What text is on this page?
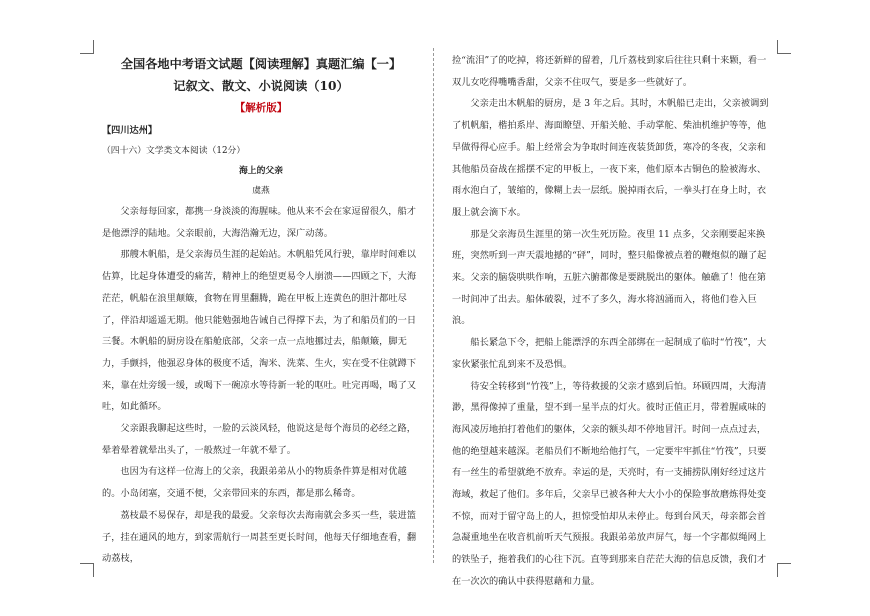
全国各地中考语文试题【阅读理解】真题汇编【一】
记叙文、散文、小说阅读（10）
【解析版】
【四川达州】
（四十六）文学类文本阅读（12分）
海上的父亲
虞燕

父亲每每回家，都携一身淡淡的海腥味。他从来不会在家逗留很久，船才是他漂浮的陆地。父亲眼前，大海浩瀚无边，深广动荡。

那艘木帆船，是父亲海员生涯的起始站。木帆船凭风行驶，靠岸时间难以估算，比起身体遭受的痛苦，精神上的绝望更易令人崩溃——四顾之下，大海茫茫，帆船在浪里颠簸，食物在胃里翻腾，跪在甲板上连黄色的胆汁都吐尽了，伴沿却遥遥无期。他只能勉强地告诫自己得撑下去，为了和船员们的一日三餐。木帆船的厨房设在船舱底部，父亲一点一点地挪过去，船颠簸，脚无力，手颤抖，他强忍身体的极度不适，淘米、洗菜、生火，实在受不住就蹲下来，靠在灶旁缓一缓，或喝下一碗凉水等待新一轮的呕吐。吐完再喝，喝了又吐，如此循环。

父亲跟我聊起这些时，一脸的云淡风轻，他说这是每个海员的必经之路，晕着晕着就晕出头了，一般熬过一年就不晕了。

也因为有这样一位海上的父亲，我跟弟弟从小的物质条件算是相对优越的。小岛闭塞，交通不便，父亲带回来的东西，都是那么稀奇。

荔枝最不易保存，却是我的最爱。父亲每次去海南就会多买一些，装进篮子，挂在通风的地方，到家需航行一周甚至更长时间，他每天仔细地查看，翻动荔枝，

捡“流泪”了的吃掉，将还新鲜的留着，几斤荔枝到家后往往只剩十来颗，看一双儿女吃得嘴嘴香甜，父亲不住叹气，要是多一些就好了。

父亲走出木帆船的厨房，是 3 年之后。其时，木帆船已走出，父亲被调到了机帆船，楷拍系岸、海面瞭望、开船关舱、手动掌舵、柴油机维护等等，他早做得得心应手。船上经常会为争取时间连夜装货卸货，寒冷的冬夜，父亲和其他船员奋战在摇摆不定的甲板上，一夜下来，他们原本古铜色的脸被海水、雨水泡白了，皱缩的，像糊上去一层纸。脱掉雨衣后，一拳头打在身上时，衣服上就会滴下水。

那是父亲海员生涯里的第一次生死历险。夜里 11 点多，父亲刚要起来换班，突然听到一声天震地撼的“砰”，同时，整只船像被点着的鞭炮似的蹦了起来。父亲的脑袋哄哄作响，五脏六腑都像是要跳脱出的躯体。触礁了！他在第一时间冲了出去。船体破裂，过不了多久，海水将汹涌而入，将他们卷入巨浪。

船长紧急下令，把船上能漂浮的东西全部绑在一起制成了临时“竹筏”，大家伙紧张忙乱到来不及恐惧。

待安全转移到“竹筏”上，等待救援的父亲才感到后怕。环顾四周，大海清渺，黑得像掉了重量，望不到一星半点的灯火。彼时正值正月，带着腥咸味的海风凌厉地拍打着他们的躯体，父亲的额头却不停地冒汗。时间一点点过去，他的绝望越来越深。老船员们不断地给他打气，一定要牢牢抓住“竹筏”，只要有一丝生的希望就绝不放弃。幸运的是，天亮时，有一支捕捞队刚好经过这片海域，救起了他们。多年后，父亲早已被各种大大小小的保险事故磨炼得处变不惊，而对于留守岛上的人，担惊受怕却从未停止。每到台风天，母亲都会首急凝重地坐在收音机前听天气预报。我跟弟弟放声屏气，每一个字都似绳网上的铁坠子，拖着我们的心往下沉。直等到那来自茫茫大海的信息反馈，我们才在一次次的确认中获得慰藉和力量。
